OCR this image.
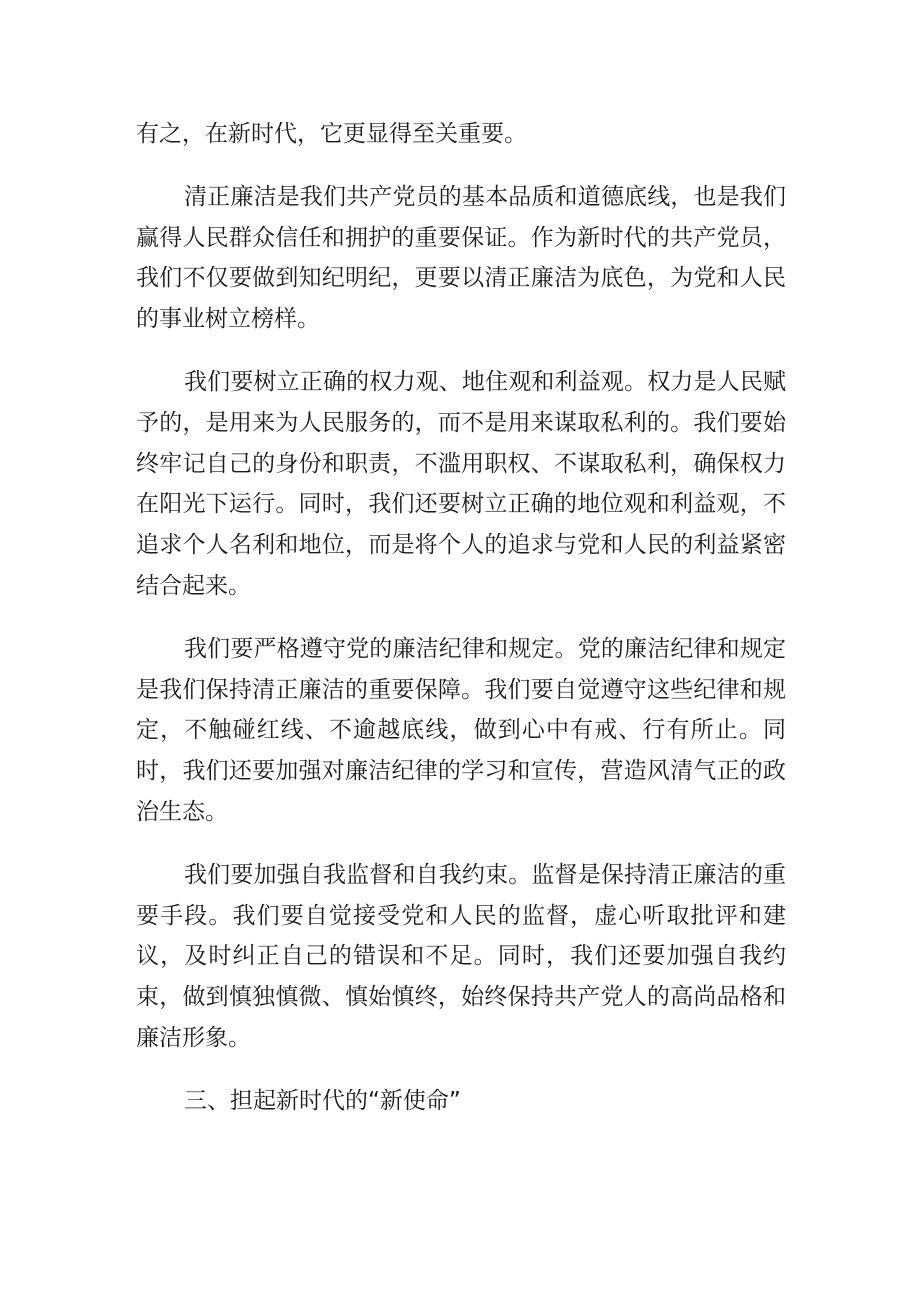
有之，在新时代，它更显得至关重要。

清正廉洁是我们共产党员的基本品质和道德底线，也是我们赢得人民群众信任和拥护的重要保证。作为新时代的共产党员，我们不仅要做到知纪明纪，更要以清正廉洁为底色，为党和人民的事业树立榜样。

我们要树立正确的权力观、地住观和利益观。权力是人民赋予的，是用来为人民服务的，而不是用来谋取私利的。我们要始终牢记自己的身份和职责，不滥用职权、不谋取私利，确保权力在阳光下运行。同时，我们还要树立正确的地位观和利益观，不追求个人名利和地位，而是将个人的追求与党和人民的利益紧密结合起来。

我们要严格遵守党的廉洁纪律和规定。党的廉洁纪律和规定是我们保持清正廉洁的重要保障。我们要自觉遵守这些纪律和规定，不触碰红线、不逾越底线，做到心中有戒、行有所止。同时，我们还要加强对廉洁纪律的学习和宣传，营造风清气正的政治生态。

我们要加强自我监督和自我约束。监督是保持清正廉洁的重要手段。我们要自觉接受党和人民的监督，虚心听取批评和建议，及时纠正自己的错误和不足。同时，我们还要加强自我约束，做到慎独慎微、慎始慎终，始终保持共产党人的高尚品格和廉洁形象。

三、担起新时代的“新使命”
